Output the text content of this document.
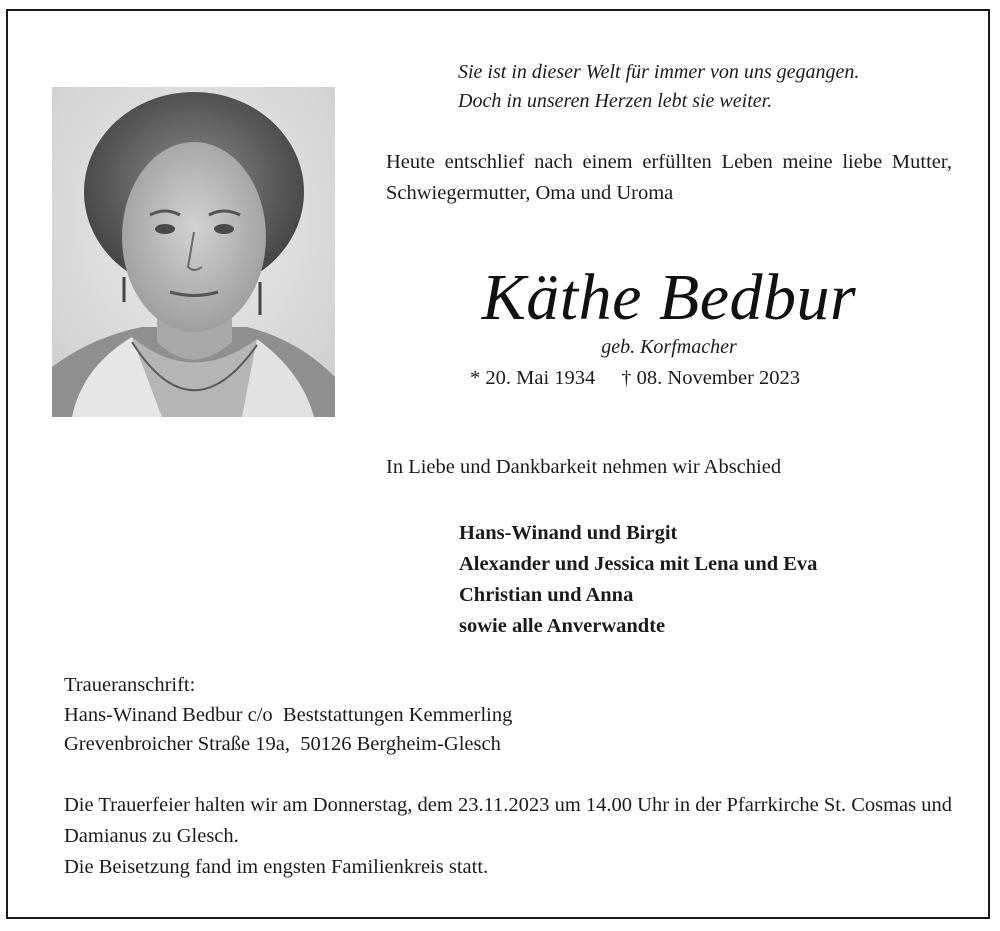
Sie ist in dieser Welt für immer von uns gegangen.
Doch in unseren Herzen lebt sie weiter.
Heute entschlief nach einem erfüllten Leben meine liebe Mutter, Schwiegermutter, Oma und Uroma
Käthe Bedbur
geb. Korfmacher
* 20. Mai 1934 † 08. November 2023
In Liebe und Dankbarkeit nehmen wir Abschied
Hans-Winand und Birgit
Alexander und Jessica mit Lena und Eva
Christian und Anna
sowie alle Anverwandte
Traueranschrift:
Hans-Winand Bedbur c/o  Beststattungen Kemmerling
Grevenbroicher Straße 19a,  50126 Bergheim-Glesch
Die Trauerfeier halten wir am Donnerstag, dem 23.11.2023 um 14.00 Uhr in der Pfarrkirche St. Cosmas und Damianus zu Glesch.
Die Beisetzung fand im engsten Familienkreis statt.
